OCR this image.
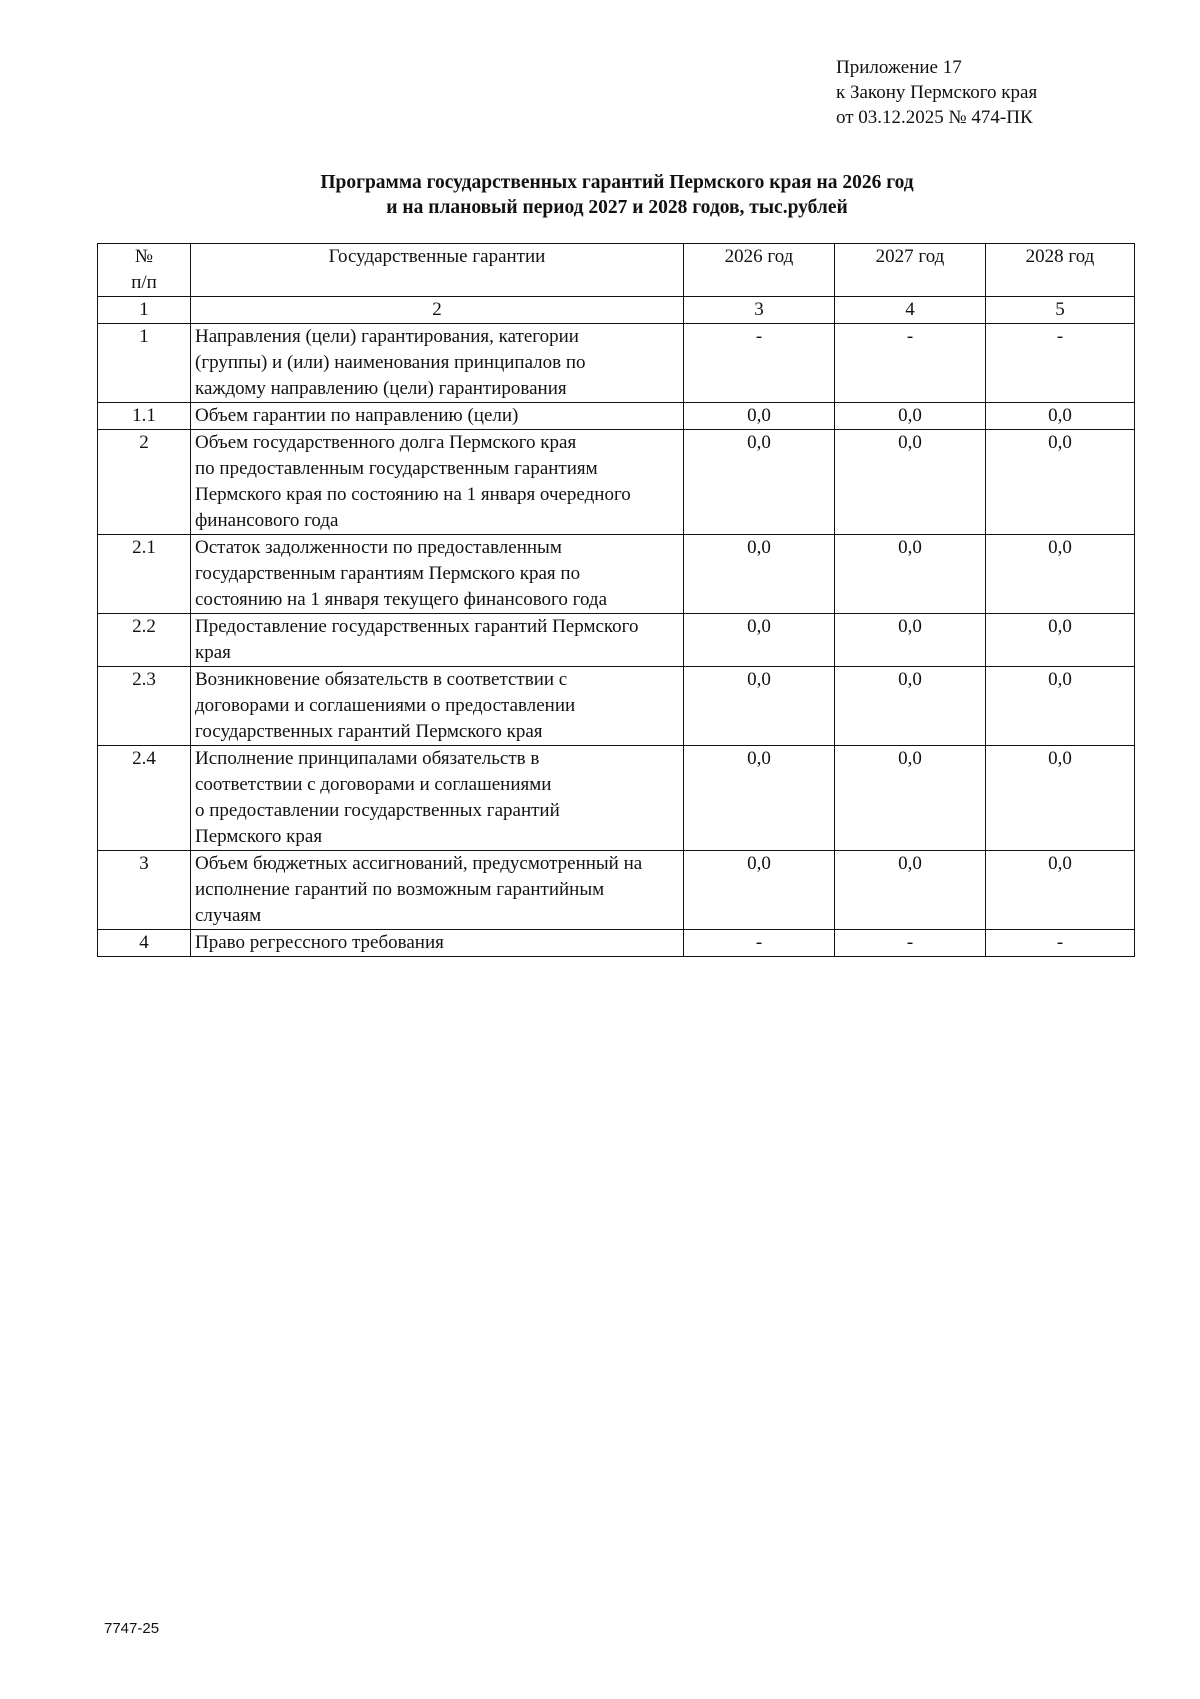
Приложение 17
к Закону Пермского края
от 03.12.2025 № 474-ПК
Программа государственных гарантий Пермского края на 2026 год
и на плановый период 2027 и 2028 годов, тыс.рублей
№
п/п	Государственные гарантии	2026 год	2027 год	2028 год
1	2	3	4	5
1	Направления (цели) гарантирования, категории
(группы) и (или) наименования принципалов по
каждому направлению (цели) гарантирования	-	-	-
1.1	Объем гарантии по направлению (цели)	0,0	0,0	0,0
2	Объем государственного долга Пермского края
по предоставленным государственным гарантиям
Пермского края по состоянию на 1 января очередного
финансового года	0,0	0,0	0,0
2.1	Остаток задолженности по предоставленным
государственным гарантиям Пермского края по
состоянию на 1 января текущего финансового года	0,0	0,0	0,0
2.2	Предоставление государственных гарантий Пермского
края	0,0	0,0	0,0
2.3	Возникновение обязательств в соответствии с
договорами и соглашениями о предоставлении
государственных гарантий Пермского края	0,0	0,0	0,0
2.4	Исполнение принципалами обязательств в
соответствии с договорами и соглашениями
о предоставлении государственных гарантий
Пермского края	0,0	0,0	0,0
3	Объем бюджетных ассигнований, предусмотренный на
исполнение гарантий по возможным гарантийным
случаям	0,0	0,0	0,0
4	Право регрессного требования	-	-	-
7747-25
